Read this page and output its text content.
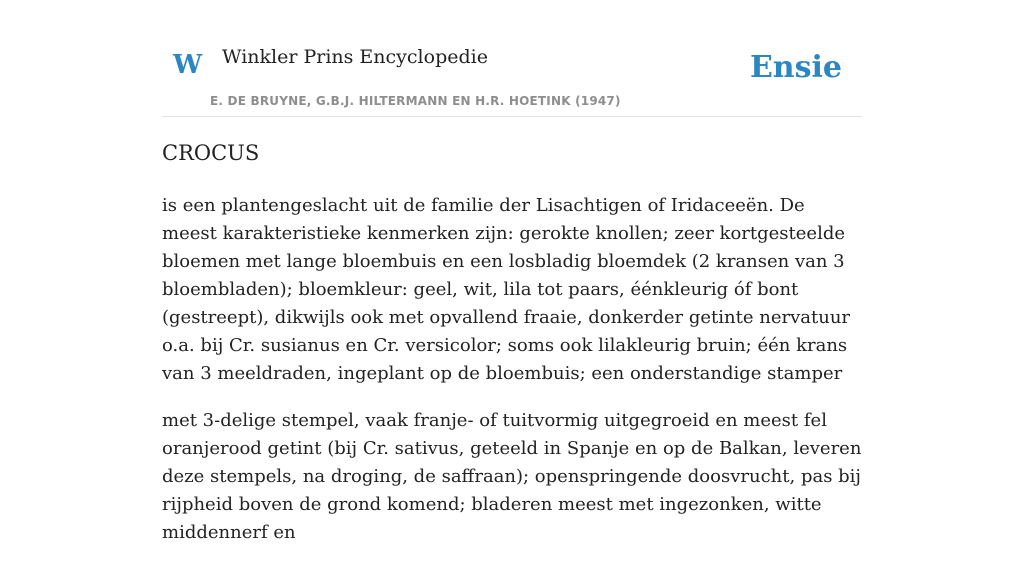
W Winkler Prins Encyclopedie
E. DE BRUYNE, G.B.J. HILTERMANN EN H.R. HOETINK (1947)
Ensie
CROCUS

is een plantengeslacht uit de familie der Lisachtigen of Iridaceeën. De meest karakteristieke kenmerken zijn: gerokte knollen; zeer kortgesteelde bloemen met lange bloembuis en een losbladig bloemdek (2 kransen van 3 bloembladen); bloemkleur: geel, wit, lila tot paars, éénkleurig óf bont (gestreept), dikwijls ook met opvallend fraaie, donkerder getinte nervatuur o.a. bij Cr. susianus en Cr. versicolor; soms ook lilakleurig bruin; één krans van 3 meeldraden, ingeplant op de bloembuis; een onderstandige stamper

met 3-delige stempel, vaak franje- of tuitvormig uitgegroeid en meest fel oranjerood getint (bij Cr. sativus, geteeld in Spanje en op de Balkan, leveren deze stempels, na droging, de saffraan); openspringende doosvrucht, pas bij rijpheid boven de grond komend; bladeren meest met ingezonken, witte middennerf en
